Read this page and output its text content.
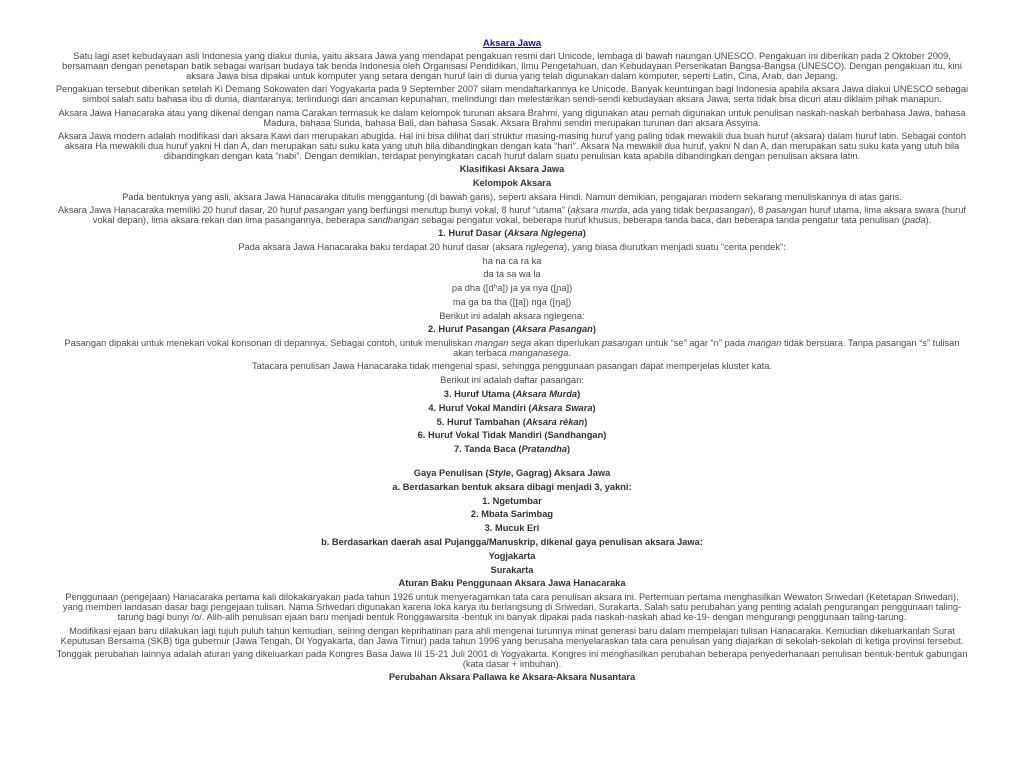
Aksara Jawa

Satu lagi aset kebudayaan asli Indonesia yang diakui dunia, yaitu aksara Jawa yang mendapat pengakuan resmi dari Unicode, lembaga di bawah naungan UNESCO. Pengakuan ini diberikan pada 2 Oktober 2009, bersamaan dengan penetapan batik sebagai warisan budaya tak benda Indonesia oleh Organisasi Pendidikan, Ilmu Pengetahuan, dan Kebudayaan Perserikatan Bangsa-Bangsa (UNESCO). Dengan pengakuan itu, kini aksara Jawa bisa dipakai untuk komputer yang setara dengan huruf lain di dunia yang telah digunakan dalam komputer, seperti Latin, Cina, Arab, dan Jepang.

Pengakuan tersebut diberikan setelah Ki Demang Sokowaten dari Yogyakarta pada 9 September 2007 silam mendaftarkannya ke Unicode. Banyak keuntungan bagi Indonesia apabila aksara Jawa diakui UNESCO sebagai simbol salah satu bahasa ibu di dunia, diantaranya: terlindungi dari ancaman kepunahan, melindungi dan melestarikan sendi-sendi kebudayaan aksara Jawa, serta tidak bisa dicuri atau diklaim pihak manapun.

Aksara Jawa Hanacaraka atau yang dikenal dengan nama Carakan termasuk ke dalam kelompok turunan aksara Brahmi, yang digunakan atau pernah digunakan untuk penulisan naskah-naskah berbahasa Jawa, bahasa Madura, bahasa Sunda, bahasa Bali, dan bahasa Sasak. Aksara Brahmi sendiri merupakan turunan dari aksara Assyiria.

Aksara Jawa modern adalah modifikasi dari aksara Kawi dan merupakan abugida. Hal ini bisa dilihat dari struktur masing-masing huruf yang paling tidak mewakili dua buah huruf (aksara) dalam huruf latin. Sebagai contoh aksara Ha mewakili dua huruf yakni H dan A, dan merupakan satu suku kata yang utuh bila dibandingkan dengan kata “hari”. Aksara Na mewakili dua huruf, yakni N dan A, dan merupakan satu suku kata yang utuh bila dibandingkan dengan kata “nabi”. Dengan demikian, terdapat penyingkatan cacah huruf dalam suatu penulisan kata apabila dibandingkan dengan penulisan aksara latin.

Klasifikasi Aksara Jawa
Kelompok Aksara

Pada bentuknya yang asli, aksara Jawa Hanacaraka ditulis menggantung (di bawah garis), seperti aksara Hindi. Namun demikian, pengajaran modern sekarang menuliskannya di atas garis.

Aksara Jawa Hanacaraka memiliki 20 huruf dasar, 20 huruf pasangan yang berfungsi menutup bunyi vokal, 8 huruf “utama” (aksara murda, ada yang tidak berpasangan), 8 pasangan huruf utama, lima aksara swara (huruf vokal depan), lima aksara rekan dan lima pasangannya, beberapa sandhangan sebagai pengatur vokal, beberapa huruf khusus, beberapa tanda baca, dan beberapa tanda pengatur tata penulisan (pada).

1. Huruf Dasar (Aksara Nglegena)
Pada aksara Jawa Hanacaraka baku terdapat 20 huruf dasar (aksara nglegena), yang biasa diurutkan menjadi suatu “cerita pendek”:
ha na ca ra ka
da ta sa wa la
pa dha ([dʰa]) ja ya nya ([ɲa])
ma ga ba tha ([ʈa]) nga ([ŋa])
Berikut ini adalah aksara nglegena:
2. Huruf Pasangan (Aksara Pasangan)

Pasangan dipakai untuk menekan vokal konsonan di depannya. Sebagai contoh, untuk menuliskan mangan sega akan diperlukan pasangan untuk “se” agar “n” pada mangan tidak bersuara. Tanpa pasangan “s” tulisan akan terbaca manganasega.

Tatacara penulisan Jawa Hanacaraka tidak mengenal spasi, sehingga penggunaan pasangan dapat memperjelas kluster kata.
Berikut ini adalah daftar pasangan:
3. Huruf Utama (Aksara Murda)
4. Huruf Vokal Mandiri (Aksara Swara)
5. Huruf Tambahan (Aksara rèkan)
6. Huruf Vokal Tidak Mandiri (Sandhangan)
7. Tanda Baca (Pratandha)
Gaya Penulisan (Style, Gagrag) Aksara Jawa
a. Berdasarkan bentuk aksara dibagi menjadi 3, yakni:
1. Ngetumbar
2. Mbata Sarimbag
3. Mucuk Eri
b. Berdasarkan daerah asal Pujangga/Manuskrip, dikenal gaya penulisan aksara Jawa:
Yogjakarta
Surakarta
Aturan Baku Penggunaan Aksara Jawa Hanacaraka

Penggunaan (pengejaan) Hanacaraka pertama kali dilokakaryakan pada tahun 1926 untuk menyeragamkan tata cara penulisan aksara ini. Pertemuan pertama menghasilkan Wewaton Sriwedari (Ketetapan Sriwedari), yang memberi landasan dasar bagi pengejaan tulisan. Nama Sriwedari digunakan karena loka karya itu berlangsung di Sriwedari, Surakarta. Salah satu perubahan yang penting adalah pengurangan penggunaan taling-tarung bagi bunyi /o/. Alih-alih penulisan ejaan baru menjadi bentuk Ronggawarsita -bentuk ini banyak dipakai pada naskah-naskah abad ke-19- dengan mengurangi penggunaan taling-tarung.

Modifikasi ejaan baru dilakukan lagi tujuh puluh tahun kemudian, seiring dengan keprihatinan para ahli mengenai turunnya minat generasi baru dalam mempelajari tulisan Hanacaraka. Kemudian dikeluarkanlah Surat Keputusan Bersama (SKB) tiga gubernur (Jawa Tengah, DI Yogyakarta, dan Jawa Timur) pada tahun 1996 yang berusaha menyelaraskan tata cara penulisan yang diajarkan di sekolah-sekolah di ketiga provinsi tersebut.

Tonggak perubahan lainnya adalah aturan yang dikeluarkan pada Kongres Basa Jawa III 15-21 Juli 2001 di Yogyakarta. Kongres ini menghasilkan perubahan beberapa penyederhanaan penulisan bentuk-bentuk gabungan (kata dasar + imbuhan).

Perubahan Aksara Pallawa ke Aksara-Aksara Nusantara
